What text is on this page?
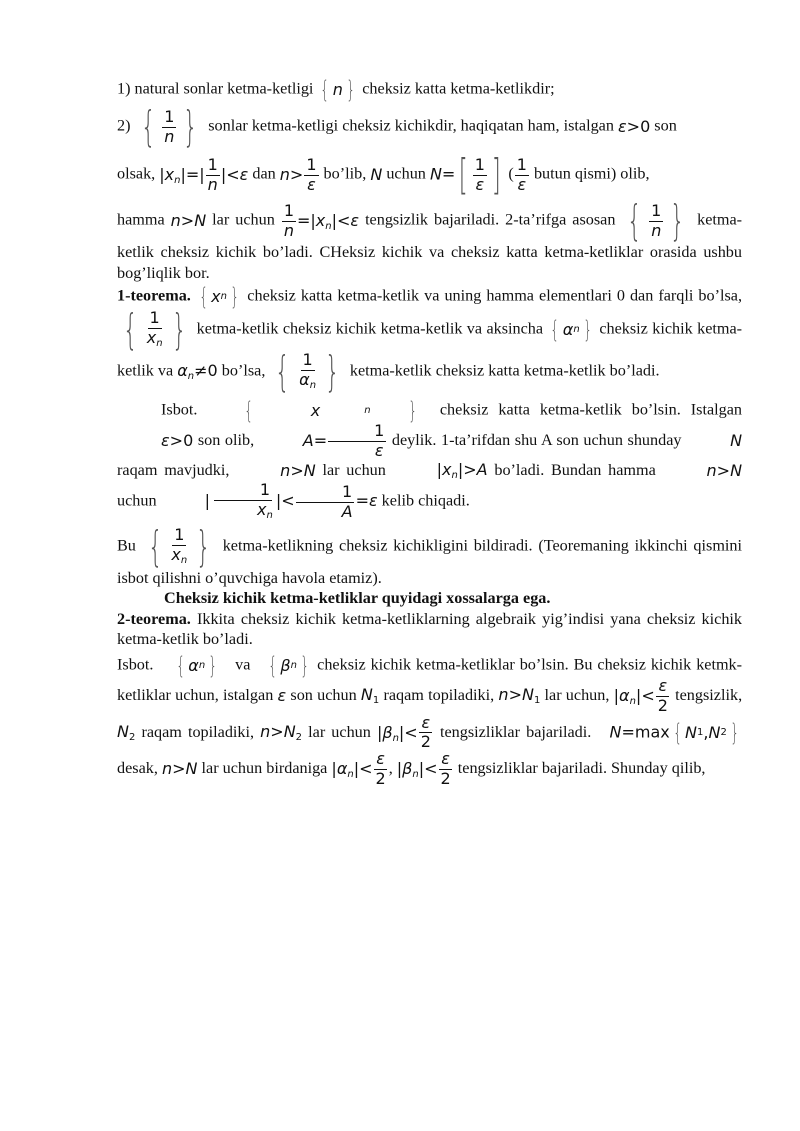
1) natural sonlar ketma-ketligi { n } cheksiz katta ketma-ketlikdir;

2) { $\frac{1}{n}$ } sonlar ketma-ketligi cheksiz kichikdir, haqiqatan ham, istalgan ε>0 son

olsak, $|x_n|=| \frac{1}{n} |<\varepsilon$ dan $n> \frac{1}{\varepsilon}$ bo’lib, N uchun N= [ $\frac{1}{\varepsilon}$ ] ( $\frac{1}{\varepsilon}$ butun qismi) olib,

hamma n>N lar uchun $\frac{1}{n} =|x_n|<\varepsilon$ tengsizlik bajariladi. 2-ta’rifga asosan { $\frac{1}{n}$ } ketma-ketlik cheksiz kichik bo’ladi. CHeksiz kichik va cheksiz katta ketma-ketliklar orasida ushbu bog’liqlik bor.

1-teorema. { x n } cheksiz katta ketma-ketlik va uning hamma elementlari 0 dan farqli bo’lsa,
{ $\frac{1}{x_n}$ } ketma-ketlik cheksiz kichik ketma-ketlik va aksincha { α n } cheksiz kichik ketma-ketlik va $\alpha_n\ne 0$ bo’lsa, { $\frac{1}{\alpha_n}$ } ketma-ketlik cheksiz katta ketma-ketlik bo’ladi.

Isbot.	{	x	n	} cheksiz katta ketma-ketlik bo’lsin. Istalgan ε>0 son olib,	$A= \frac{1}{\varepsilon}$ deylik. 1-ta’rifdan shu A son uchun shunday	N raqam mavjudki,	n>N lar uchun	$|x_n|>A$ bo’ladi. Bundan hamma	n>N uchun	| $\frac{1}{x_n}$ |< $\frac{1}{A} =\varepsilon$ kelib chiqadi.

Bu { $\frac{1}{x_n}$ } ketma-ketlikning cheksiz kichikligini bildiradi. (Teoremaning ikkinchi qismini isbot qilishni o’quvchiga havola etamiz).

Cheksiz kichik ketma-ketliklar quyidagi xossalarga ega.

2-teorema. Ikkita cheksiz kichik ketma-ketliklarning algebraik yig’indisi yana cheksiz kichik ketma-ketlik bo’ladi.

Isbot. { α n } va { β n } cheksiz kichik ketma-ketliklar bo’lsin. Bu cheksiz kichik ketmk-ketliklar uchun, istalgan ε son uchun $N_1$ raqam topiladiki, $n>N_1$ lar uchun, $|\alpha_n|< \frac{\varepsilon}{2}$ tengsizlik, $N_2$ raqam topiladiki, $n>N_2$ lar uchun $|\beta_n|< \frac{\varepsilon}{2}$ tengsizliklar bajariladi. N=max { N 1 , N 2 }
desak, n>N lar uchun birdaniga $|\alpha_n|< \frac{\varepsilon}{2}$ , $|\beta_n|< \frac{\varepsilon}{2}$ tengsizliklar bajariladi. Shunday qilib,
